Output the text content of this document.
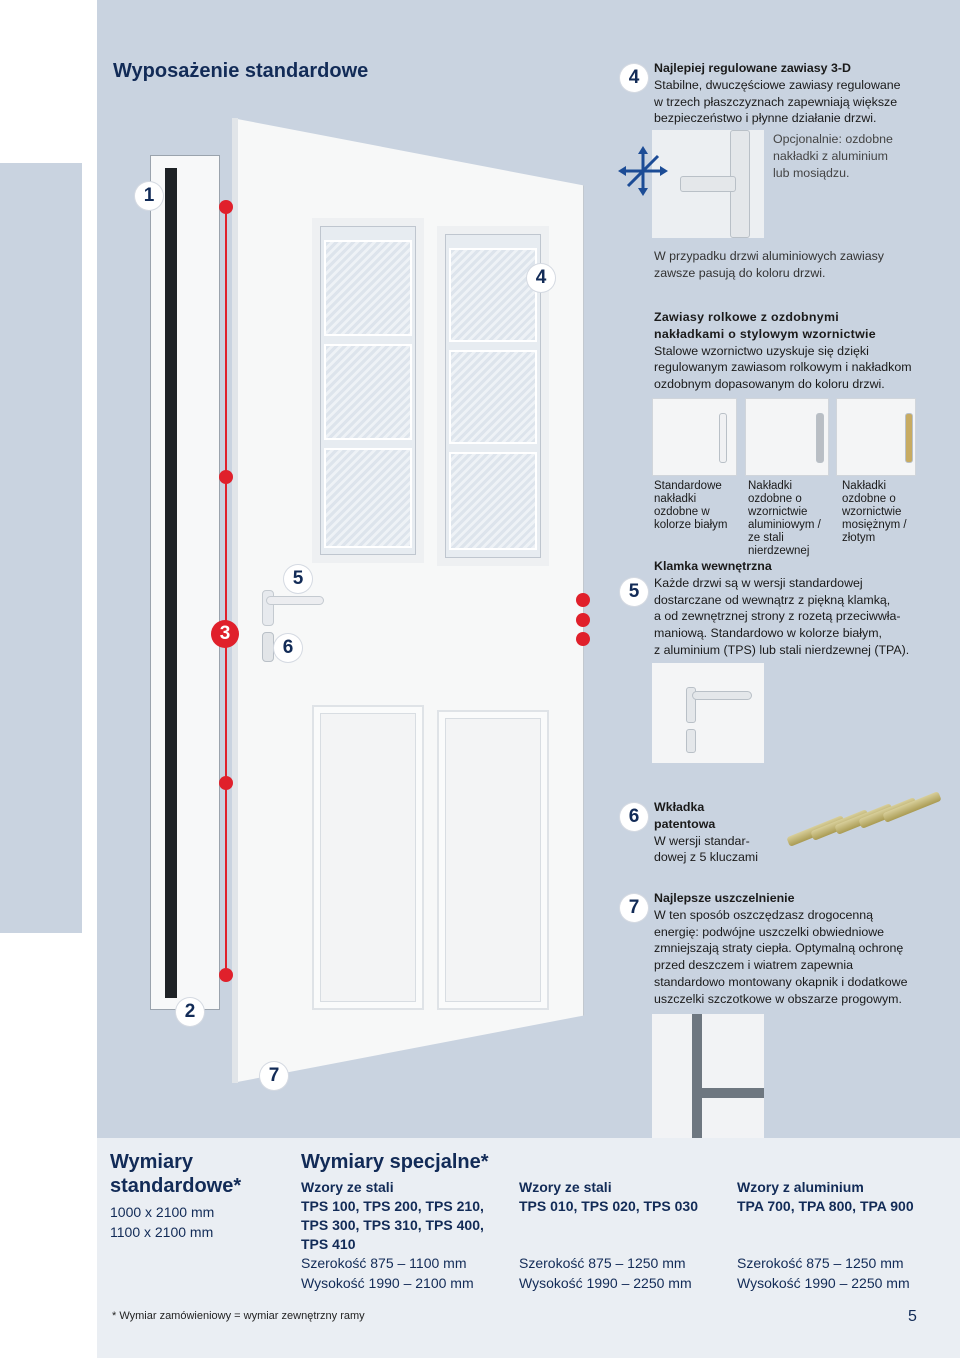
Wyposażenie standardowe
1
2
3
4
5
6
7
4	Najlepiej regulowane zawiasy 3-D
Stabilne, dwuczęściowe zawiasy regulowane
w trzech płaszczyznach zapewniają większe
bezpieczeństwo i płynne działanie drzwi.
Opcjonalnie: ozdobne
nakładki z aluminium
lub mosiądzu.
W przypadku drzwi aluminiowych zawiasy
zawsze pasują do koloru drzwi.
Zawiasy rolkowe z ozdobnymi
nakładkami o stylowym wzornictwie
Stalowe wzornictwo uzyskuje się dzięki
regulowanym zawiasom rolkowym i nakładkom
ozdobnym dopasowanym do koloru drzwi.
Standardowe
nakładki
ozdobne w
kolorze białym
Nakładki
ozdobne o
wzornictwie
aluminiowym /
ze stali
nierdzewnej
Nakładki
ozdobne o
wzornictwie
mosiężnym /
złotym
5
Klamka wewnętrzna
Każde drzwi są w wersji standardowej
dostarczane od wewnątrz z piękną klamką,
a od zewnętrznej strony z rozetą przeciwwła-
maniową. Standardowo w kolorze białym,
z aluminium (TPS) lub stali nierdzewnej (TPA).
6	Wkładka
patentowa
W wersji standar-
dowej z 5 kluczami
7	Najlepsze uszczelnienie
W ten sposób oszczędzasz drogocenną
energię: podwójne uszczelki obwiedniowe
zmniejszają straty ciepła. Optymalną ochronę
przed deszczem i wiatrem zapewnia
standardowo montowany okapnik i dodatkowe
uszczelki szczotkowe w obszarze progowym.
Wymiary
standardowe*
1000 x 2100 mm
1100 x 2100 mm
Wymiary specjalne*
Wzory ze stali
TPS 100, TPS 200, TPS 210,
TPS 300, TPS 310, TPS 400,
TPS 410
Szerokość 875 – 1100 mm
Wysokość 1990 – 2100 mm
Wzory ze stali
TPS 010, TPS 020, TPS 030
Szerokość 875 – 1250 mm
Wysokość 1990 – 2250 mm
Wzory z aluminium
TPA 700, TPA 800, TPA 900
Szerokość 875 – 1250 mm
Wysokość 1990 – 2250 mm
* Wymiar zamówieniowy = wymiar zewnętrzny ramy	5
